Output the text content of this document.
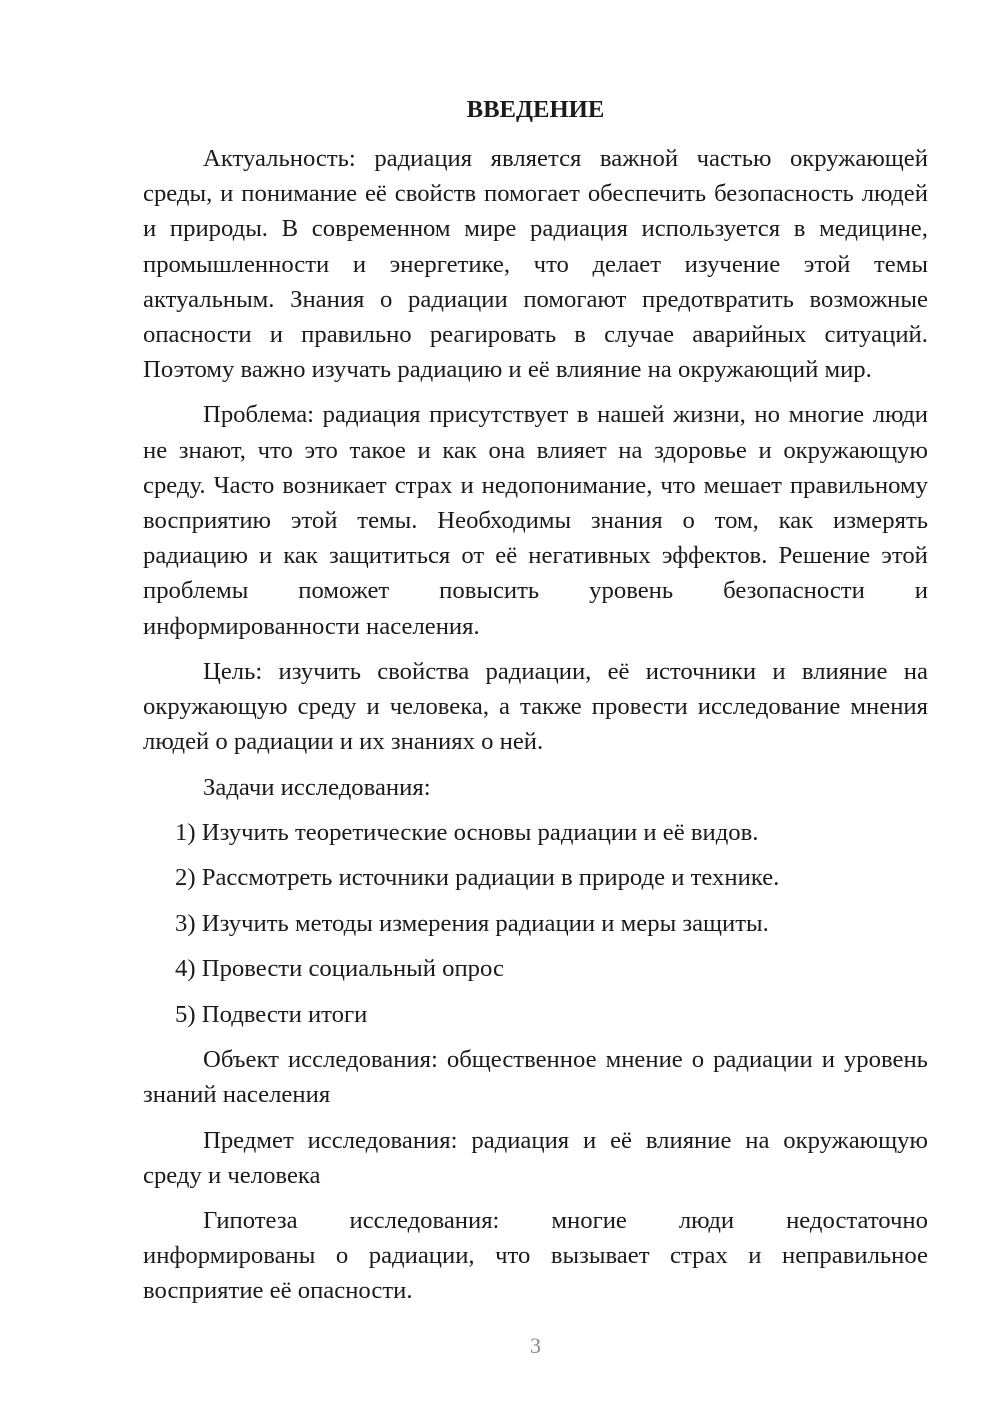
ВВЕДЕНИЕ
Актуальность: радиация является важной частью окружающей
среды, и понимание её свойств помогает обеспечить безопасность людей
и природы. В современном мире радиация используется в медицине,
промышленности и энергетике, что делает изучение этой темы
актуальным. Знания о радиации помогают предотвратить возможные
опасности и правильно реагировать в случае аварийных ситуаций.
Поэтому важно изучать радиацию и её влияние на окружающий мир.
Проблема: радиация присутствует в нашей жизни, но многие люди
не знают, что это такое и как она влияет на здоровье и окружающую
среду. Часто возникает страх и недопонимание, что мешает правильному
восприятию этой темы. Необходимы знания о том, как измерять
радиацию и как защититься от её негативных эффектов. Решение этой
проблемы поможет повысить уровень безопасности и
информированности населения.
Цель: изучить свойства радиации, её источники и влияние на
окружающую среду и человека, а также провести исследование мнения
людей о радиации и их знаниях о ней.
Задачи исследования:
1) Изучить теоретические основы радиации и её видов.
2) Рассмотреть источники радиации в природе и технике.
3) Изучить методы измерения радиации и меры защиты.
4) Провести социальный опрос
5) Подвести итоги
Объект исследования: общественное мнение о радиации и уровень
знаний населения
Предмет исследования: радиация и её влияние на окружающую
среду и человека
Гипотеза исследования: многие люди недостаточно
информированы о радиации, что вызывает страх и неправильное
восприятие её опасности.
3
